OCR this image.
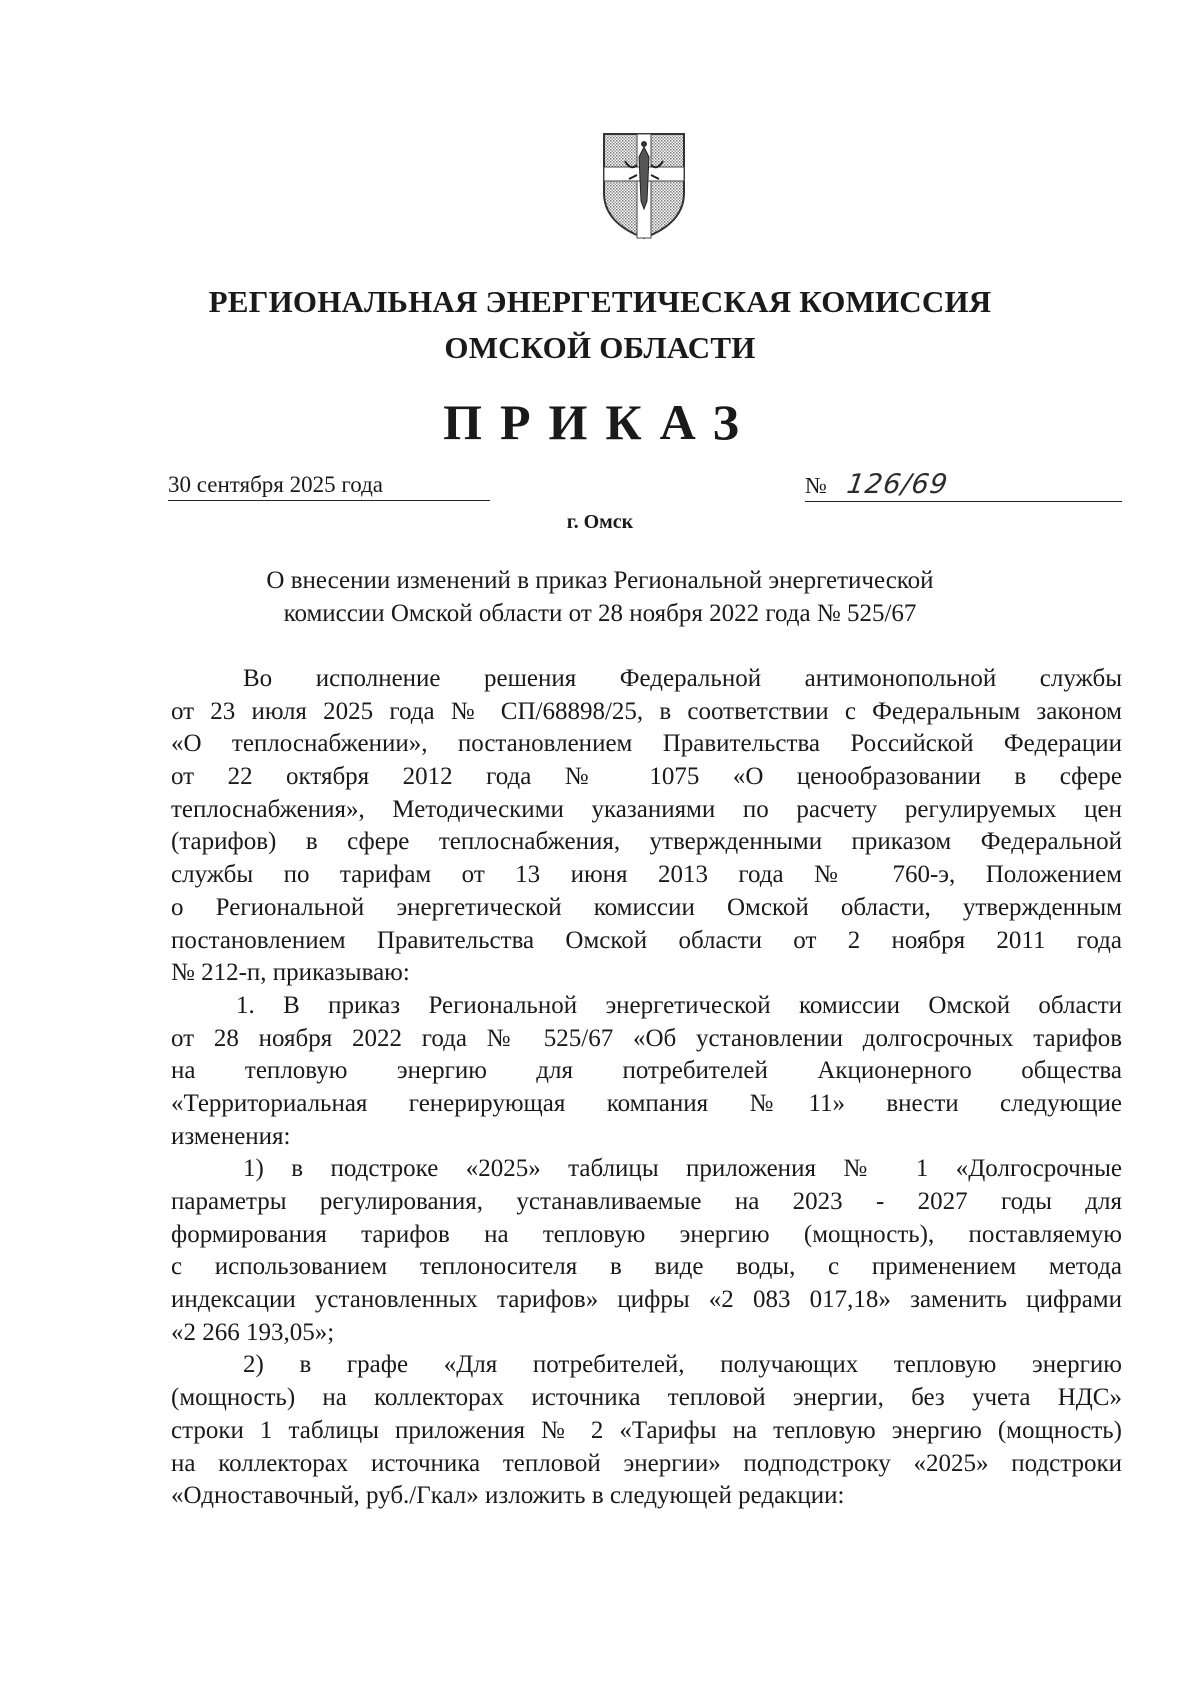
РЕГИОНАЛЬНАЯ ЭНЕРГЕТИЧЕСКАЯ КОМИССИЯ
ОМСКОЙ ОБЛАСТИ
ПРИКАЗ
30 сентября 2025 года	№ 126/69
г. Омск
О внесении изменений в приказ Региональной энергетической
комиссии Омской области от 28 ноября 2022 года № 525/67
Во исполнение решения Федеральной антимонопольной службы
от 23 июля 2025 года № СП/68898/25, в соответствии с Федеральным законом
«О теплоснабжении», постановлением Правительства Российской Федерации
от 22 октября 2012 года № 1075 «О ценообразовании в сфере
теплоснабжения», Методическими указаниями по расчету регулируемых цен
(тарифов) в сфере теплоснабжения, утвержденными приказом Федеральной
службы по тарифам от 13 июня 2013 года № 760-э, Положением
о Региональной энергетической комиссии Омской области, утвержденным
постановлением Правительства Омской области от 2 ноября 2011 года
№ 212-п, приказываю:
1. В приказ Региональной энергетической комиссии Омской области
от 28 ноября 2022 года № 525/67 «Об установлении долгосрочных тарифов
на тепловую энергию для потребителей Акционерного общества
«Территориальная генерирующая компания №11» внести следующие
изменения:
1) в подстроке «2025» таблицы приложения № 1 «Долгосрочные
параметры регулирования, устанавливаемые на 2023 - 2027 годы для
формирования тарифов на тепловую энергию (мощность), поставляемую
с использованием теплоносителя в виде воды, с применением метода
индексации установленных тарифов» цифры «2 083 017,18» заменить цифрами
«2 266 193,05»;
2) в графе «Для потребителей, получающих тепловую энергию
(мощность) на коллекторах источника тепловой энергии, без учета НДС»
строки 1 таблицы приложения № 2 «Тарифы на тепловую энергию (мощность)
на коллекторах источника тепловой энергии» подподстроку «2025» подстроки
«Одноставочный, руб./Гкал» изложить в следующей редакции:
